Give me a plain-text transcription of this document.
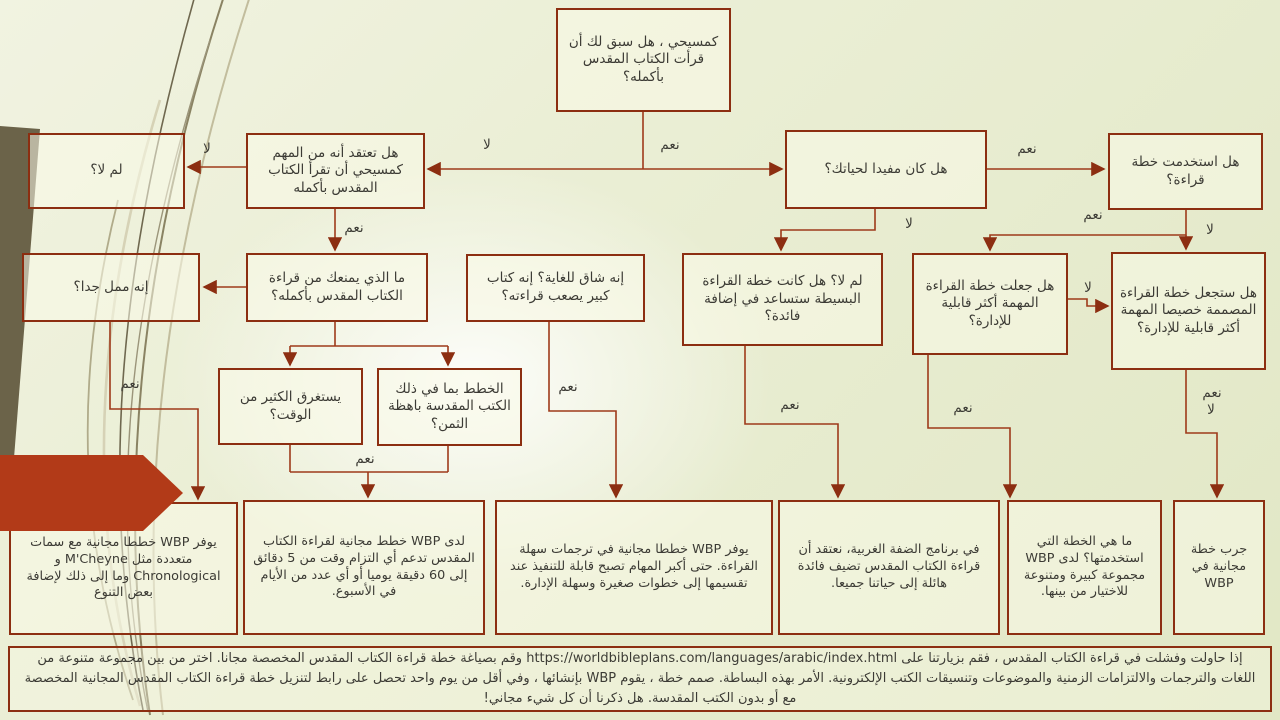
كمسيحي ، هل سبق لك أن قرأت الكتاب المقدس بأكمله؟
لم لا؟
هل تعتقد أنه من المهم كمسيحي أن تقرأ الكتاب المقدس بأكمله
هل كان مفيدا لحياتك؟	هل استخدمت خطة قراءة؟
إنه ممل جدا؟
ما الذي يمنعك من قراءة الكتاب المقدس بأكمله؟
إنه شاق للغاية؟ إنه كتاب كبير يصعب قراءته؟
لم لا؟ هل كانت خطة القراءة البسيطة ستساعد في إضافة فائدة؟
هل جعلت خطة القراءة المهمة أكثر قابلية للإدارة؟
هل ستجعل خطة القراءة المصممة خصيصا المهمة أكثر قابلية للإدارة؟
يستغرق الكثير من الوقت؟
الخطط بما في ذلك الكتب المقدسة باهظة الثمن؟
يوفر WBP خططا مجانية مع سمات متعددة مثل M'Cheyne و Chronological وما إلى ذلك لإضافة بعض التنوع
لدى WBP خطط مجانية لقراءة الكتاب المقدس تدعم أي التزام وقت من 5 دقائق إلى 60 دقيقة يوميا أو أي عدد من الأيام في الأسبوع.
يوفر WBP خططا مجانية في ترجمات سهلة القراءة. حتى أكبر المهام تصبح قابلة للتنفيذ عند تقسيمها إلى خطوات صغيرة وسهلة الإدارة.
في برنامج الضفة الغربية، نعتقد أن قراءة الكتاب المقدس تضيف فائدة هائلة إلى حياتنا جميعا.
ما هي الخطة التي استخدمتها؟ لدى WBP مجموعة كبيرة ومتنوعة للاختيار من بينها.
جرب خطة مجانية في WBP
لا	نعم
لا
نعم	لا
نعم
نعم
لا
لا
نعم
نعم
نعم
نعم	نعم
نعم
لا
إذا حاولت وفشلت في قراءة الكتاب المقدس ، فقم بزيارتنا على https://worldbibleplans.com/languages/arabic/index.html وقم بصياغة خطة قراءة الكتاب المقدس المخصصة مجانا. اختر من بين مجموعة متنوعة من اللغات والترجمات والالتزامات الزمنية والموضوعات وتنسيقات الكتب الإلكترونية. الأمر بهذه البساطة. صمم خطة ، يقوم WBP بإنشائها ، وفي أقل من يوم واحد تحصل على رابط لتنزيل خطة قراءة الكتاب المقدس المجانية المخصصة مع أو بدون الكتب المقدسة. هل ذكرنا أن كل شيء مجاني!
